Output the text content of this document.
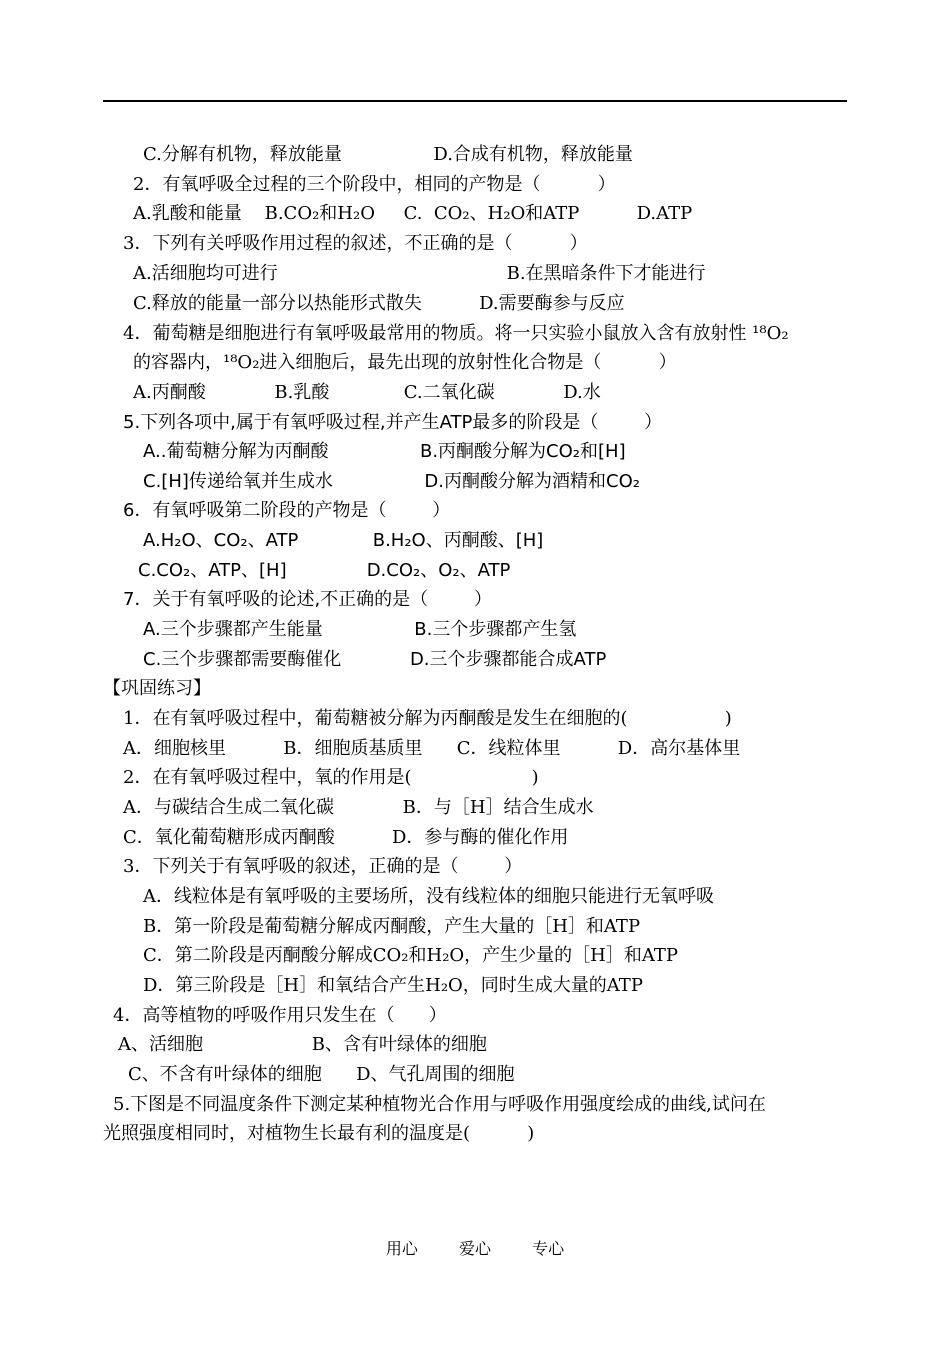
C.分解有机物，释放能量                D.合成有机物，释放能量
2．有氧呼吸全过程的三个阶段中，相同的产物是（          ）
A.乳酸和能量    B.CO₂和H₂O     C.  CO₂、H₂O和ATP          D.ATP
3．下列有关呼吸作用过程的叙述，不正确的是（          ）
A.活细胞均可进行                                        B.在黑暗条件下才能进行
C.释放的能量一部分以热能形式散失          D.需要酶参与反应
4．葡萄糖是细胞进行有氧呼吸最常用的物质。将一只实验小鼠放入含有放射性 ¹⁸O₂
的容器内，¹⁸O₂进入细胞后，最先出现的放射性化合物是（          ）
A.丙酮酸            B.乳酸             C.二氧化碳            D.水
5.下列各项中,属于有氧呼吸过程,并产生ATP最多的阶段是（        ）
A..葡萄糖分解为丙酮酸                B.丙酮酸分解为CO₂和[H]
C.[H]传递给氧并生成水                D.丙酮酸分解为酒精和CO₂
6．有氧呼吸第二阶段的产物是（        ）
A.H₂O、CO₂、ATP             B.H₂O、丙酮酸、[H]
C.CO₂、ATP、[H]              D.CO₂、O₂、ATP
7．关于有氧呼吸的论述,不正确的是（        ）
A.三个步骤都产生能量                B.三个步骤都产生氢
C.三个步骤都需要酶催化            D.三个步骤都能合成ATP
【巩固练习】
1．在有氧呼吸过程中，葡萄糖被分解为丙酮酸是发生在细胞的(                 )
A．细胞核里          B．细胞质基质里      C．线粒体里          D．高尔基体里
2．在有氧呼吸过程中，氧的作用是(                     )
A．与碳结合生成二氧化碳            B．与［H］结合生成水
C．氧化葡萄糖形成丙酮酸          D．参与酶的催化作用
3．下列关于有氧呼吸的叙述，正确的是（        ）
A．线粒体是有氧呼吸的主要场所，没有线粒体的细胞只能进行无氧呼吸
B．第一阶段是葡萄糖分解成丙酮酸，产生大量的［H］和ATP
C．第二阶段是丙酮酸分解成CO₂和H₂O，产生少量的［H］和ATP
D．第三阶段是［H］和氧结合产生H₂O，同时生成大量的ATP
4．高等植物的呼吸作用只发生在（      ）
A、活细胞                   B、含有叶绿体的细胞
C、不含有叶绿体的细胞      D、气孔周围的细胞
5.下图是不同温度条件下测定某种植物光合作用与呼吸作用强度绘成的曲线,试问在
光照强度相同时，对植物生长最有利的温度是(          )
用心	爱心	专心
